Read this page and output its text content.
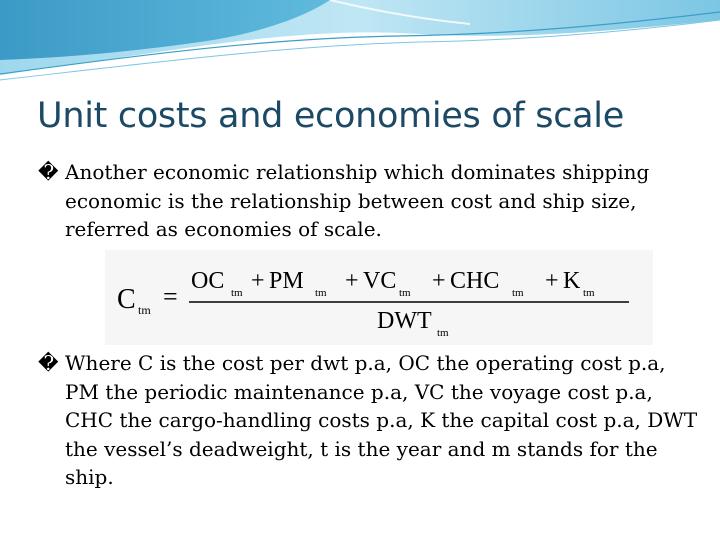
Unit costs and economies of scale
� Another economic relationship which dominates shipping economic is the relationship between cost and ship size, referred as economies of scale.
C tm =
OC tm + PM tm + VC tm + CHC tm + K tm
DWT tm
� Where C is the cost per dwt p.a, OC the operating cost p.a, PM the periodic maintenance p.a, VC the voyage cost p.a, CHC the cargo-handling costs p.a, K the capital cost p.a, DWT the vessel’s deadweight, t is the year and m stands for the ship.
